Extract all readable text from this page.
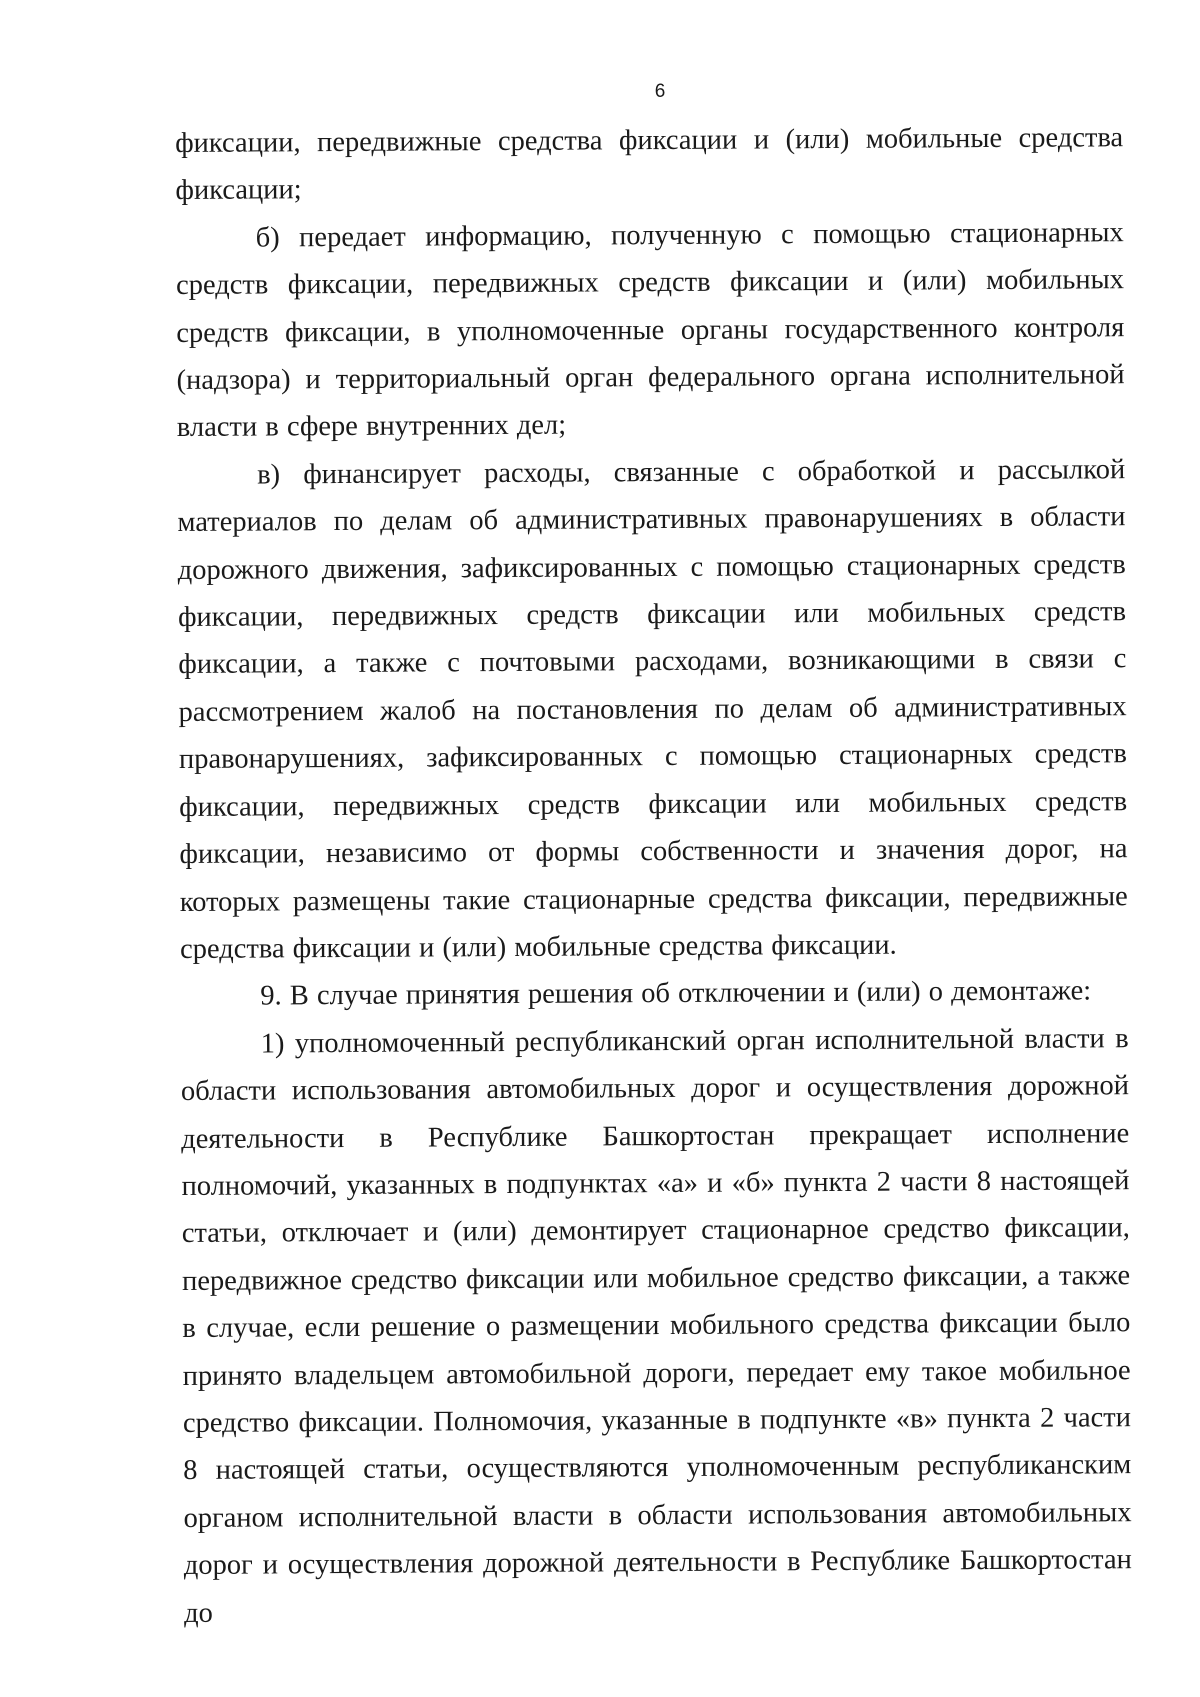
6

фиксации, передвижные средства фиксации и (или) мобильные средства фиксации;

б) передает информацию, полученную с помощью стационарных средств фиксации, передвижных средств фиксации и (или) мобильных средств фиксации, в уполномоченные органы государственного контроля (надзора) и территориальный орган федерального органа исполнительной власти в сфере внутренних дел;

в) финансирует расходы, связанные с обработкой и рассылкой материалов по делам об административных правонарушениях в области дорожного движения, зафиксированных с помощью стационарных средств фиксации, передвижных средств фиксации или мобильных средств фиксации, а также с почтовыми расходами, возникающими в связи с рассмотрением жалоб на постановления по делам об административных правонарушениях, зафиксированных с помощью стационарных средств фиксации, передвижных средств фиксации или мобильных средств фиксации, независимо от формы собственности и значения дорог, на которых размещены такие стационарные средства фиксации, передвижные средства фиксации и (или) мобильные средства фиксации.

9. В случае принятия решения об отключении и (или) о демонтаже:

1) уполномоченный республиканский орган исполнительной власти в области использования автомобильных дорог и осуществления дорожной деятельности в Республике Башкортостан прекращает исполнение полномочий, указанных в подпунктах «а» и «б» пункта 2 части 8 настоящей статьи, отключает и (или) демонтирует стационарное средство фиксации, передвижное средство фиксации или мобильное средство фиксации, а также в случае, если решение о размещении мобильного средства фиксации было принято владельцем автомобильной дороги, передает ему такое мобильное средство фиксации. Полномочия, указанные в подпункте «в» пункта 2 части 8 настоящей статьи, осуществляются уполномоченным республиканским органом исполнительной власти в области использования автомобильных дорог и осуществления дорожной деятельности в Республике Башкортостан до
